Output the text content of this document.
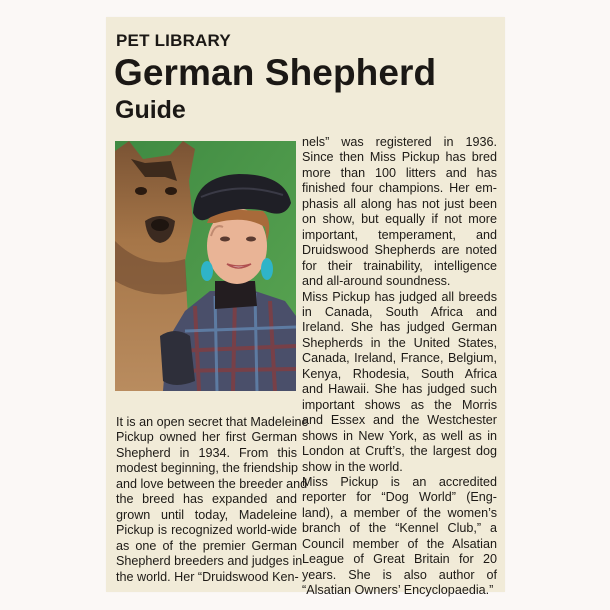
PET LIBRARY
German Shepherd
Guide
It is an open secret that Madeleine
Pickup owned her first German
Shepherd in 1934. From this
modest beginning, the friendship
and love between the breeder and
the breed has expanded and
grown until today, Madeleine
Pickup is recognized world-wide
as one of the premier German
Shepherd breeders and judges in
the world. Her “Druidswood Ken-
nels” was registered in 1936.
Since then Miss Pickup has bred
more than 100 litters and has
finished four champions. Her em-
phasis all along has not just been
on show, but equally if not more
important, temperament, and
Druidswood Shepherds are noted
for their trainability, intelligence
and all-around soundness.
Miss Pickup has judged all breeds
in Canada, South Africa and
Ireland. She has judged German
Shepherds in the United States,
Canada, Ireland, France, Belgium,
Kenya, Rhodesia, South Africa
and Hawaii. She has judged such
important shows as the Morris
and Essex and the Westchester
shows in New York, as well as in
London at Cruft’s, the largest dog
show in the world.
Miss Pickup is an accredited
reporter for “Dog World” (Eng-
land), a member of the women’s
branch of the “Kennel Club,” a
Council member of the Alsatian
League of Great Britain for 20
years. She is also author of
“Alsatian Owners’ Encyclopaedia.”
